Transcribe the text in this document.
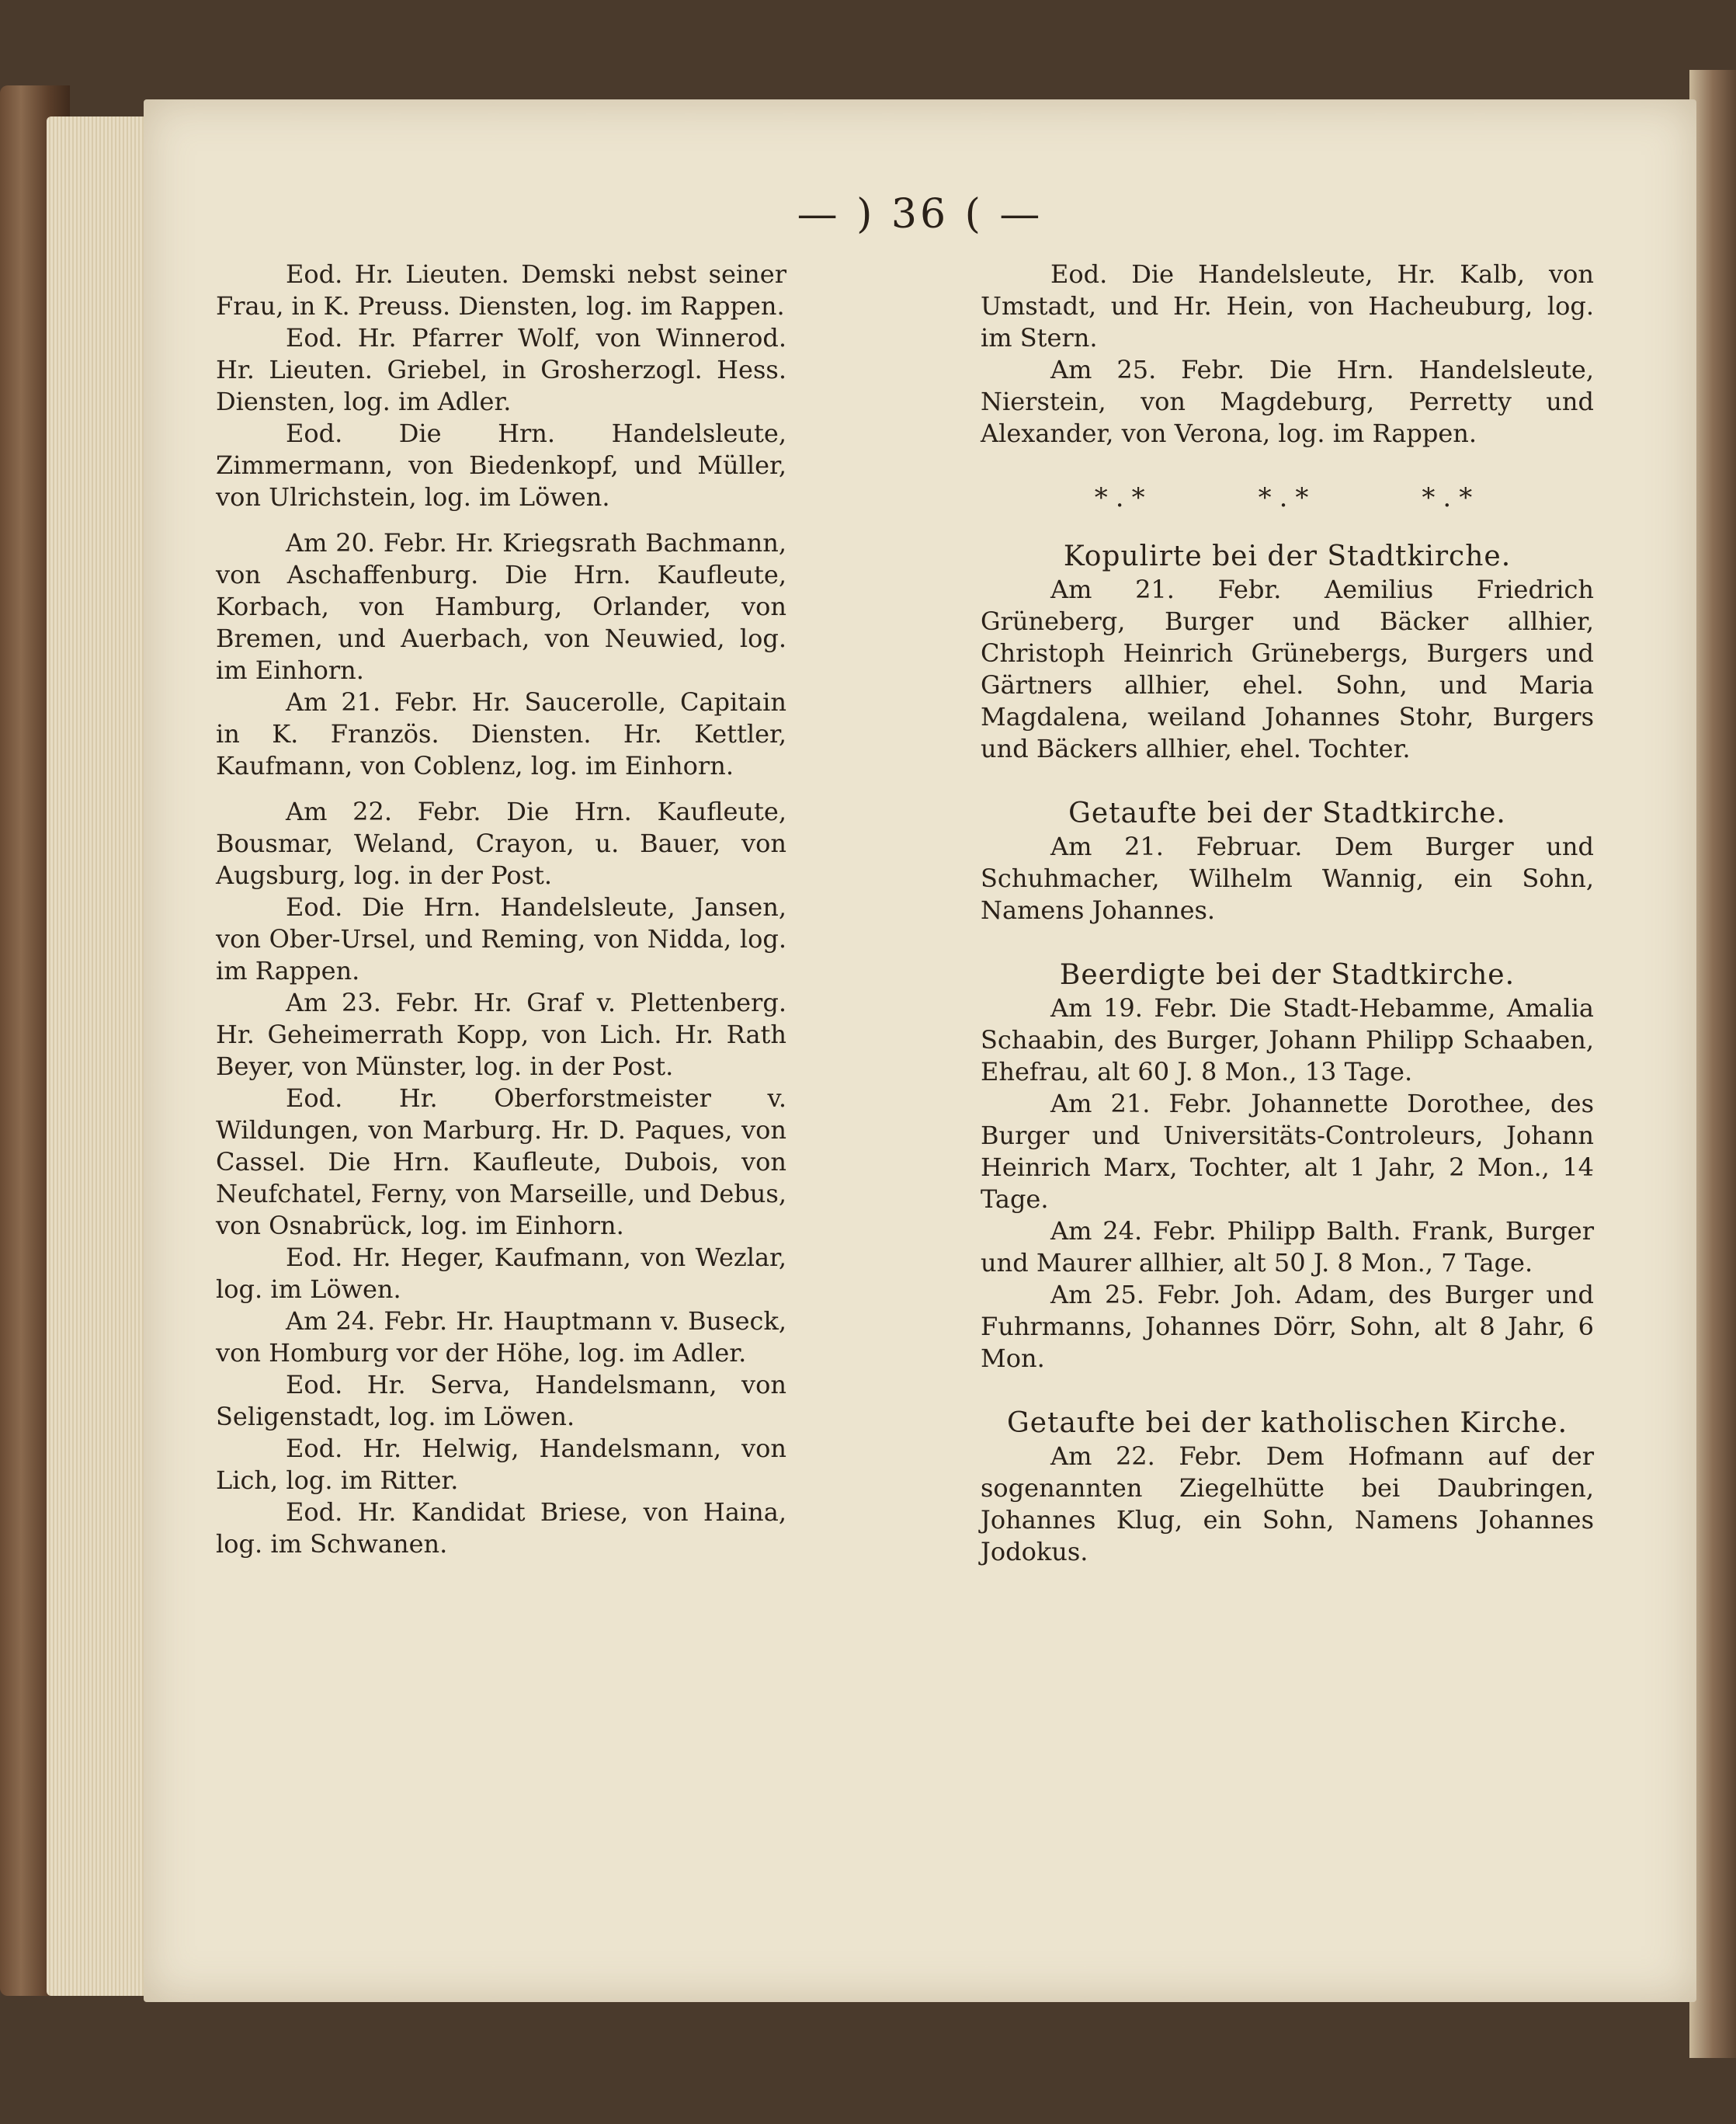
— ) 36 ( —

Eod. Hr. Lieuten. Demski nebst seiner Frau, in K. Preuss. Diensten, log. im Rappen.

Eod. Hr. Pfarrer Wolf, von Winnerod. Hr. Lieuten. Griebel, in Grosherzogl. Hess. Diensten, log. im Adler.

Eod. Die Hrn. Handelsleute, Zimmermann, von Biedenkopf, und Müller, von Ulrichstein, log. im Löwen.

Am 20. Febr. Hr. Kriegsrath Bachmann, von Aschaffenburg. Die Hrn. Kaufleute, Korbach, von Hamburg, Orlander, von Bremen, und Auerbach, von Neuwied, log. im Einhorn.

Am 21. Febr. Hr. Saucerolle, Capitain in K. Französ. Diensten. Hr. Kettler, Kaufmann, von Coblenz, log. im Einhorn.

Am 22. Febr. Die Hrn. Kaufleute, Bousmar, Weland, Crayon, u. Bauer, von Augsburg, log. in der Post.

Eod. Die Hrn. Handelsleute, Jansen, von Ober-Ursel, und Reming, von Nidda, log. im Rappen.

Am 23. Febr. Hr. Graf v. Plettenberg. Hr. Geheimerrath Kopp, von Lich. Hr. Rath Beyer, von Münster, log. in der Post.

Eod. Hr. Oberforstmeister v. Wildungen, von Marburg. Hr. D. Paques, von Cassel. Die Hrn. Kaufleute, Dubois, von Neufchatel, Ferny, von Marseille, und Debus, von Osnabrück, log. im Einhorn.

Eod. Hr. Heger, Kaufmann, von Wezlar, log. im Löwen.

Am 24. Febr. Hr. Hauptmann v. Buseck, von Homburg vor der Höhe, log. im Adler.

Eod. Hr. Serva, Handelsmann, von Seligenstadt, log. im Löwen.

Eod. Hr. Helwig, Handelsmann, von Lich, log. im Ritter.

Eod. Hr. Kandidat Briese, von Haina, log. im Schwanen.

Eod. Die Handelsleute, Hr. Kalb, von Umstadt, und Hr. Hein, von Hacheuburg, log. im Stern.

Am 25. Febr. Die Hrn. Handelsleute, Nierstein, von Magdeburg, Perretty und Alexander, von Verona, log. im Rappen.

*.*	*.*	*.*
Kopulirte bei der Stadtkirche.

Am 21. Febr. Aemilius Friedrich Grüneberg, Burger und Bäcker allhier, Christoph Heinrich Grünebergs, Burgers und Gärtners allhier, ehel. Sohn, und Maria Magdalena, weiland Johannes Stohr, Burgers und Bäckers allhier, ehel. Tochter.

Getaufte bei der Stadtkirche.

Am 21. Februar. Dem Burger und Schuhmacher, Wilhelm Wannig, ein Sohn, Namens Johannes.

Beerdigte bei der Stadtkirche.

Am 19. Febr. Die Stadt-Hebamme, Amalia Schaabin, des Burger, Johann Philipp Schaaben, Ehefrau, alt 60 J. 8 Mon., 13 Tage.

Am 21. Febr. Johannette Dorothee, des Burger und Universitäts-Controleurs, Johann Heinrich Marx, Tochter, alt 1 Jahr, 2 Mon., 14 Tage.

Am 24. Febr. Philipp Balth. Frank, Burger und Maurer allhier, alt 50 J. 8 Mon., 7 Tage.

Am 25. Febr. Joh. Adam, des Burger und Fuhrmanns, Johannes Dörr, Sohn, alt 8 Jahr, 6 Mon.

Getaufte bei der katholischen Kirche.

Am 22. Febr. Dem Hofmann auf der sogenannten Ziegelhütte bei Daubringen, Johannes Klug, ein Sohn, Namens Johannes Jodokus.
